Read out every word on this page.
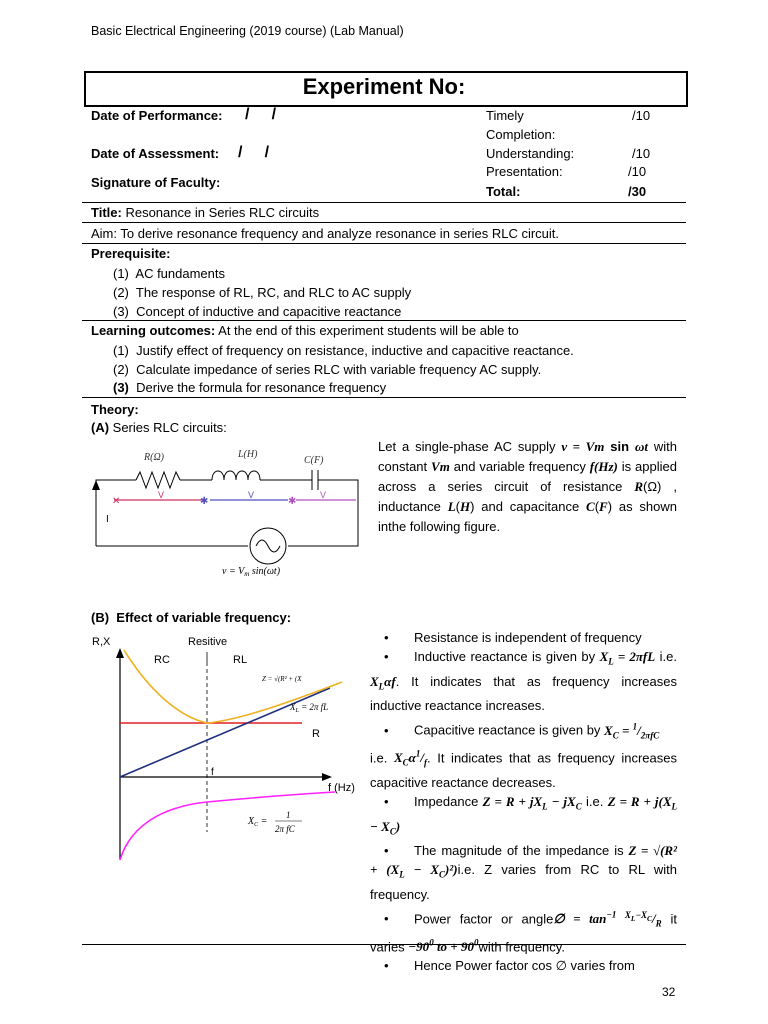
Basic Electrical Engineering (2019 course) (Lab Manual)
Experiment No:
Date of Performance: /     /
Date of Assessment: /     /
Signature of Faculty:
Timely	/10
Completion:
Understanding:	/10
Presentation:	/10
Total:	/30
Title: Resonance in Series RLC circuits
Aim: To derive resonance frequency and analyze resonance in series RLC circuit.
Prerequisite:
(1)  AC fundaments
(2)  The response of RL, RC, and RLC to AC supply
(3)  Concept of inductive and capacitive reactance
Learning outcomes: At the end of this experiment students will be able to
(1) Justify effect of frequency on resistance, inductive and capacitive reactance.
(2) Calculate impedance of series RLC with variable frequency AC supply.
(3) Derive the formula for resonance frequency
Theory:
(A) Series RLC circuits:
R(Ω)	L(H)
C(F)
I
✕
V
✱
V
✱
V
$v = V_m$ sin(ωt)
Let a single-phase AC supply v = Vm sin ωt with constant Vm and variable frequency f(Hz) is applied across a series circuit of resistance R(Ω) , inductance L(H) and capacitance C(F) as shown inthe following figure.
(B)  Effect of variable frequency:
R,X	Resitive
RC	RL
Z = √(R² + (X
$X_L = 2\pi$ fL
R
f
f (Hz)
$X_C$ =
1
2π fC
• Resistance is independent of frequency
• Inductive reactance is given by $X_L = 2\pi fL$ i.e. $X_L\alpha f$. It indicates that as frequency increases inductive reactance increases.
• Capacitive reactance is given by $X_C = ^1/_{2\pi fC}$
i.e. $X_C\alpha^1/_f$. It indicates that as frequency increases capacitive reactance decreases.
• Impedance $Z = R + jX_L - jX_C$ i.e. $Z = R + j(X_L - X_C)$
• The magnitude of the impedance is $Z = √(R^2 + (X_L - X_C)^2)i.e$. Z varies from RC to RL with frequency.
• Power factor or angle∅ = $\tan^{-1} ^{X_L-X_C}/_R$ it varies $-90^0$ to + $90^0with$ frequency.
• Hence Power factor cos ∅ varies from
32
